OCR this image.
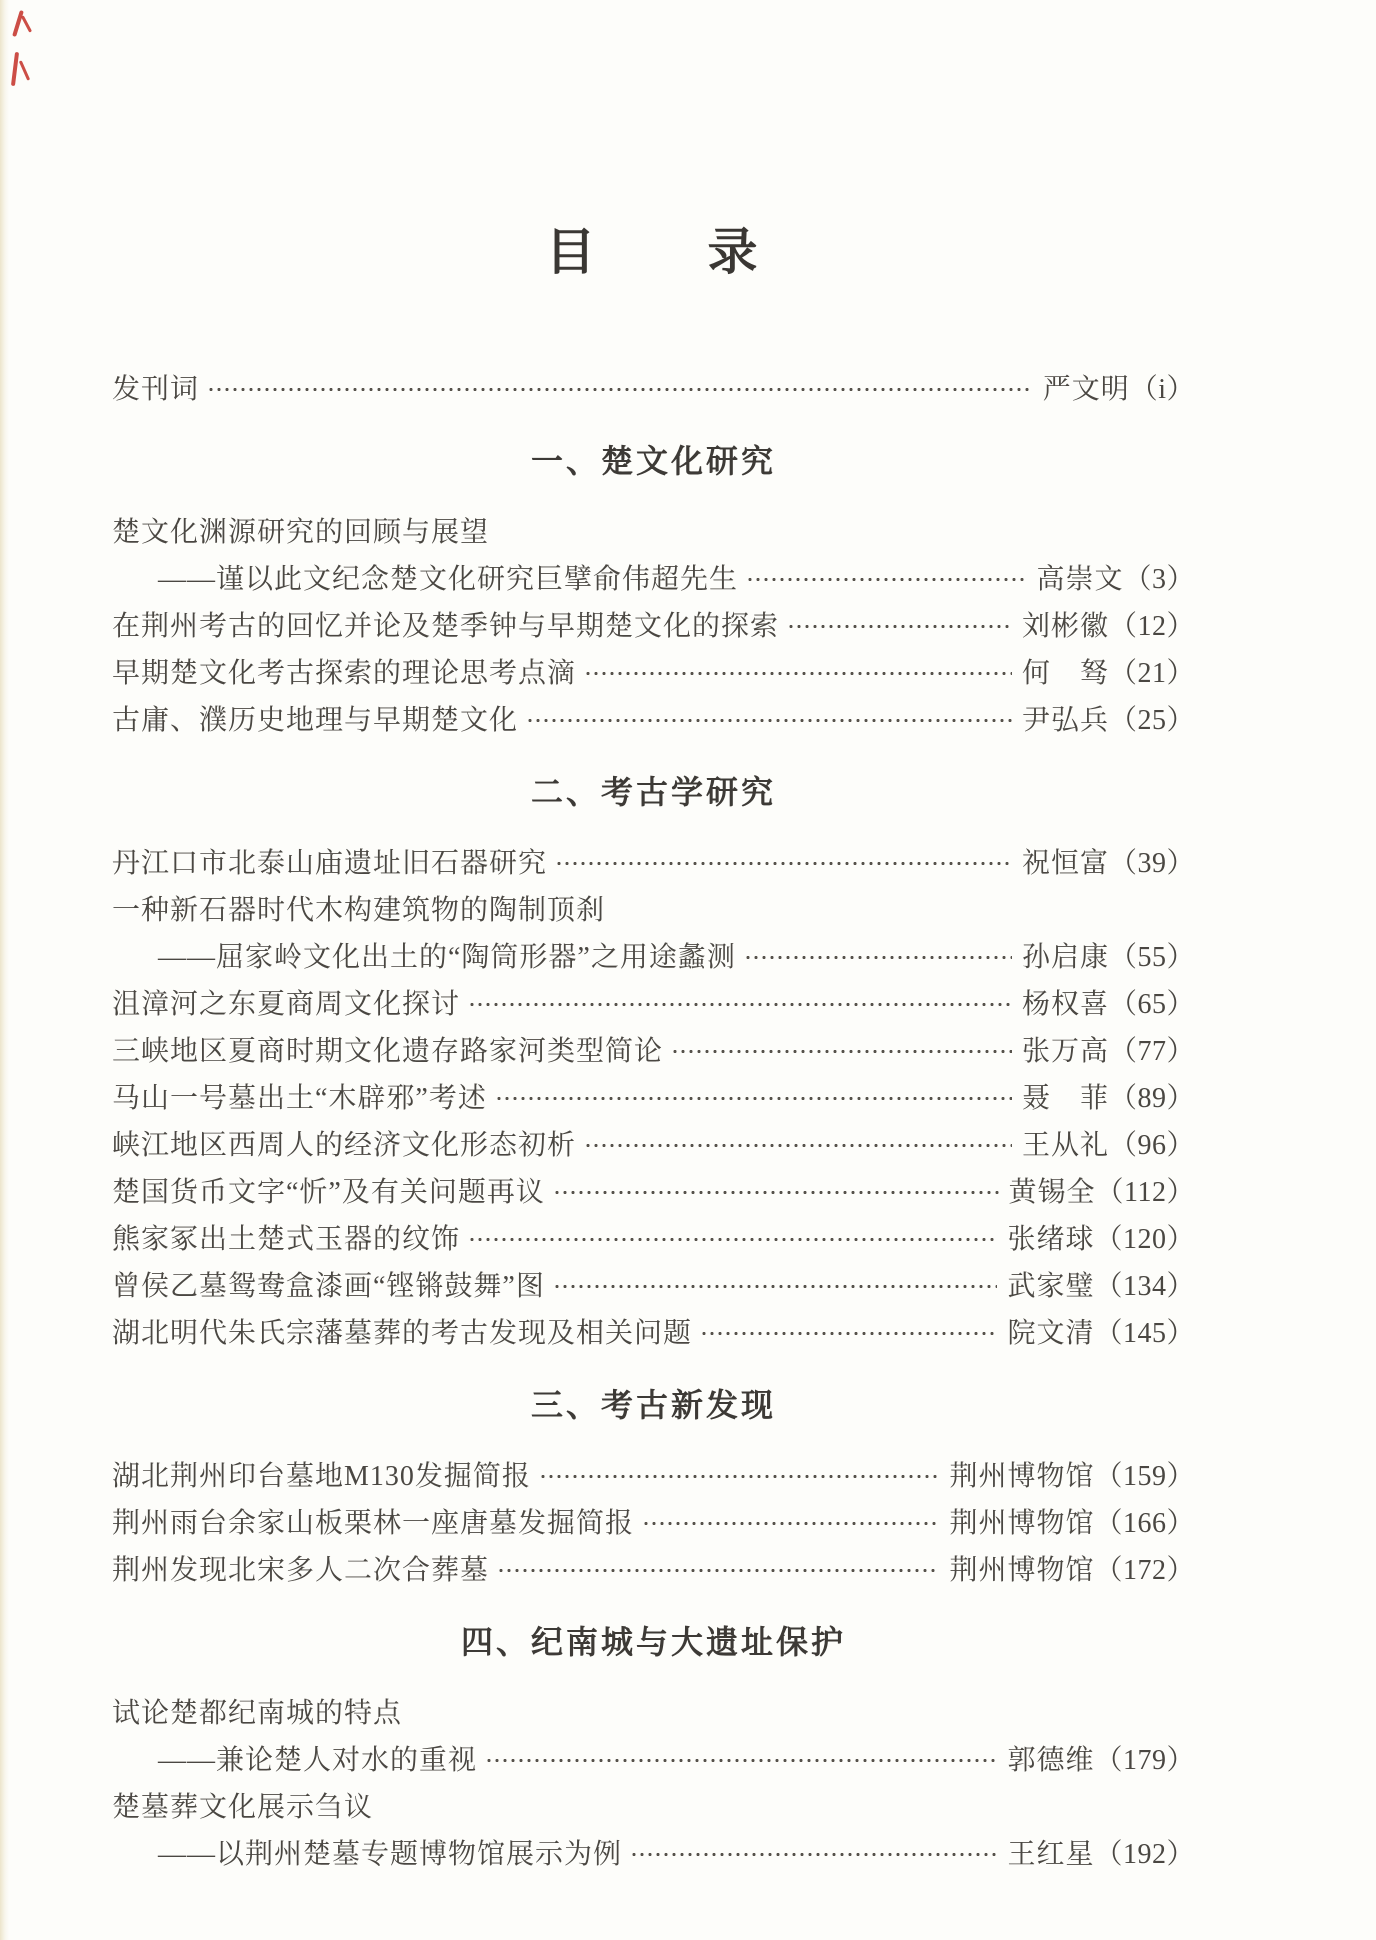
目　　录
发刊词	严文明（i）
一、楚文化研究
楚文化渊源研究的回顾与展望
——谨以此文纪念楚文化研究巨擘俞伟超先生	高崇文（3）
在荆州考古的回忆并论及楚季钟与早期楚文化的探索	刘彬徽（12）
早期楚文化考古探索的理论思考点滴	何　驽（21）
古庸、濮历史地理与早期楚文化	尹弘兵（25）
二、考古学研究
丹江口市北泰山庙遗址旧石器研究	祝恒富（39）
一种新石器时代木构建筑物的陶制顶刹
——屈家岭文化出土的“陶筒形器”之用途蠡测	孙启康（55）
沮漳河之东夏商周文化探讨	杨权喜（65）
三峡地区夏商时期文化遗存路家河类型简论	张万高（77）
马山一号墓出土“木辟邪”考述	聂　菲（89）
峡江地区西周人的经济文化形态初析	王从礼（96）
楚国货币文字“忻”及有关问题再议	黄锡全（112）
熊家冢出土楚式玉器的纹饰	张绪球（120）
曾侯乙墓鸳鸯盒漆画“铿锵鼓舞”图	武家璧（134）
湖北明代朱氏宗藩墓葬的考古发现及相关问题	院文清（145）
三、考古新发现
湖北荆州印台墓地M130发掘简报	荆州博物馆（159）
荆州雨台余家山板栗林一座唐墓发掘简报	荆州博物馆（166）
荆州发现北宋多人二次合葬墓	荆州博物馆（172）
四、纪南城与大遗址保护
试论楚都纪南城的特点
——兼论楚人对水的重视	郭德维（179）
楚墓葬文化展示刍议
——以荆州楚墓专题博物馆展示为例	王红星（192）
